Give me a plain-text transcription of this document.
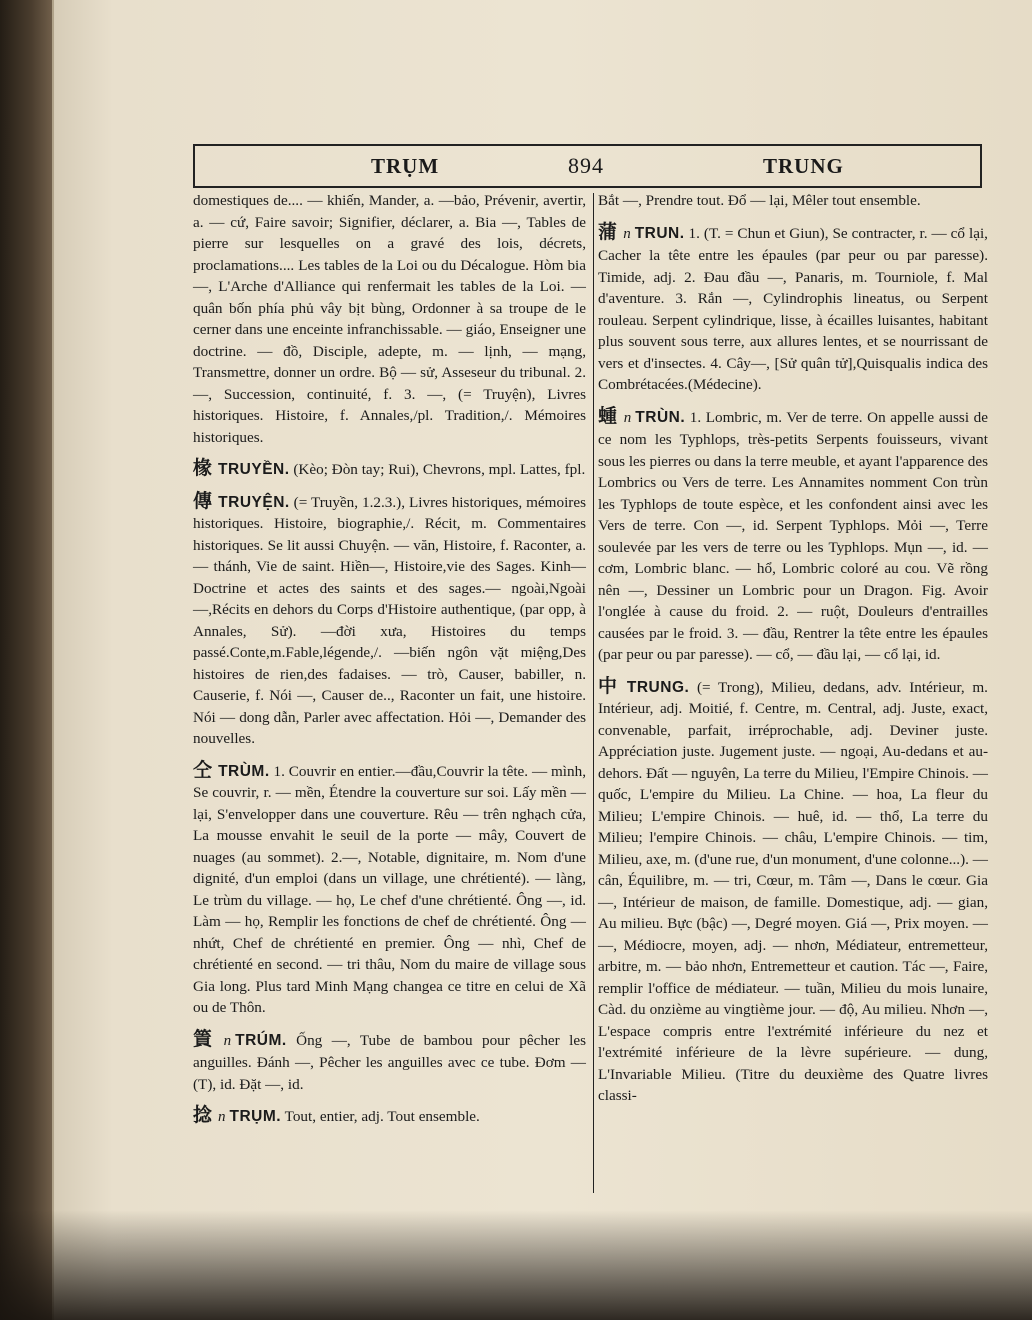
TRỤM	894	TRUNG

domestiques de.... — khiến, Mander, a. —bảo, Prévenir, avertir, a. — cứ, Faire savoir; Signifier, déclarer, a. Bia —, Tables de pierre sur lesquelles on a gravé des lois, décrets, proclamations.... Les tables de la Loi ou du Décalogue. Hòm bia —, L'Arche d'Alliance qui renfermait les tables de la Loi. — quân bốn phía phủ vây bịt bùng, Ordonner à sa troupe de le cerner dans une enceinte infranchissable. — giáo, Enseigner une doctrine. — đồ, Disciple, adepte, m. — lịnh, — mạng, Transmettre, donner un ordre. Bộ — sử, Asseseur du tribunal. 2. —, Succession, continuité, f. 3. —, (= Truyện), Livres historiques. Histoire, f. Annales,/pl. Tradition,/. Mémoires historiques.

椽 TRUYỀN. (Kèo; Đòn tay; Rui), Chevrons, mpl. Lattes, fpl.

傳 TRUYỆN. (= Truyền, 1.2.3.), Livres historiques, mémoires historiques. Histoire, biographie,/. Récit, m. Commentaires historiques. Se lit aussi Chuyện. — văn, Histoire, f. Raconter, a. — thánh, Vie de saint. Hiền—, Histoire,vie des Sages. Kinh—Doctrine et actes des saints et des sages.— ngoài,Ngoài—,Récits en dehors du Corps d'Histoire authentique, (par opp, à Annales, Sử). —đời xưa, Histoires du temps passé.Conte,m.Fable,légende,/. —biến ngôn vặt miệng,Des histoires de rien,des fadaises. — trò, Causer, babiller, n. Causerie, f. Nói —, Causer de.., Raconter un fait, une histoire. Nói — dong dẫn, Parler avec affectation. Hỏi —, Demander des nouvelles.

仝 TRÙM. 1. Couvrir en entier.—đầu,Couvrir la tête. — mình, Se couvrir, r. — mền, Étendre la couverture sur soi. Lấy mền — lại, S'envelopper dans une couverture. Rêu — trên nghạch cửa, La mousse envahit le seuil de la porte — mây, Couvert de nuages (au sommet). 2.—, Notable, dignitaire, m. Nom d'une dignité, d'un emploi (dans un village, une chrétienté). — làng, Le trùm du village. — họ, Le chef d'une chrétienté. Ông —, id. Làm — họ, Remplir les fonctions de chef de chrétienté. Ông — nhứt, Chef de chrétienté en premier. Ông — nhì, Chef de chrétienté en second. — tri thâu, Nom du maire de village sous Gia long. Plus tard Minh Mạng changea ce titre en celui de Xã ou de Thôn.

篢 n TRÚM. Ống —, Tube de bambou pour pêcher les anguilles. Đánh —, Pêcher les anguilles avec ce tube. Đơm — (T), id. Đặt —, id.

捻 n TRỤM. Tout, entier, adj. Tout ensemble.

Bắt —, Prendre tout. Đổ — lại, Mêler tout ensemble.

蒲 n TRUN. 1. (T. = Chun et Giun), Se contracter, r. — cổ lại, Cacher la tête entre les épaules (par peur ou par paresse). Timide, adj. 2. Đau đầu —, Panaris, m. Tourniole, f. Mal d'aventure. 3. Rắn —, Cylindrophis lineatus, ou Serpent rouleau. Serpent cylindrique, lisse, à écailles luisantes, habitant plus souvent sous terre, aux allures lentes, et se nourrissant de vers et d'insectes. 4. Cây—, [Sử quân tử],Quisqualis indica des Combrétacées.(Médecine).

蝩 n TRÙN. 1. Lombric, m. Ver de terre. On appelle aussi de ce nom les Typhlops, très-petits Serpents fouisseurs, vivant sous les pierres ou dans la terre meuble, et ayant l'apparence des Lombrics ou Vers de terre. Les Annamites nomment Con trùn les Typhlops de toute espèce, et les confondent ainsi avec les Vers de terre. Con —, id. Serpent Typhlops. Mỏi —, Terre soulevée par les vers de terre ou les Typhlops. Mụn —, id. — cơm, Lombric blanc. — hổ, Lombric coloré au cou. Vẽ rồng nên —, Dessiner un Lombric pour un Dragon. Fig. Avoir l'onglée à cause du froid. 2. — ruột, Douleurs d'entrailles causées par le froid. 3. — đầu, Rentrer la tête entre les épaules (par peur ou par paresse). — cổ, — đầu lại, — cổ lại, id.

中 TRUNG. (= Trong), Milieu, dedans, adv. Intérieur, m. Intérieur, adj. Moitié, f. Centre, m. Central, adj. Juste, exact, convenable, parfait, irréprochable, adj. Deviner juste. Appréciation juste. Jugement juste. — ngoại, Au-dedans et au-dehors. Đất — nguyên, La terre du Milieu, l'Empire Chinois. — quốc, L'empire du Milieu. La Chine. — hoa, La fleur du Milieu; L'empire Chinois. — huê, id. — thổ, La terre du Milieu; l'empire Chinois. — châu, L'empire Chinois. — tim, Milieu, axe, m. (d'une rue, d'un monument, d'une colonne...). — cân, Équilibre, m. — tri, Cœur, m. Tâm —, Dans le cœur. Gia —, Intérieur de maison, de famille. Domestique, adj. — gian, Au milieu. Bực (bậc) —, Degré moyen. Giá —, Prix moyen. — —, Médiocre, moyen, adj. — nhơn, Médiateur, entremetteur, arbitre, m. — bảo nhơn, Entremetteur et caution. Tác —, Faire, remplir l'office de médiateur. — tuần, Milieu du mois lunaire, Càd. du onzième au vingtième jour. — độ, Au milieu. Nhơn —, L'espace compris entre l'extrémité inférieure du nez et l'extrémité inférieure de la lèvre supérieure. — dung, L'Invariable Milieu. (Titre du deuxième des Quatre livres classi-
